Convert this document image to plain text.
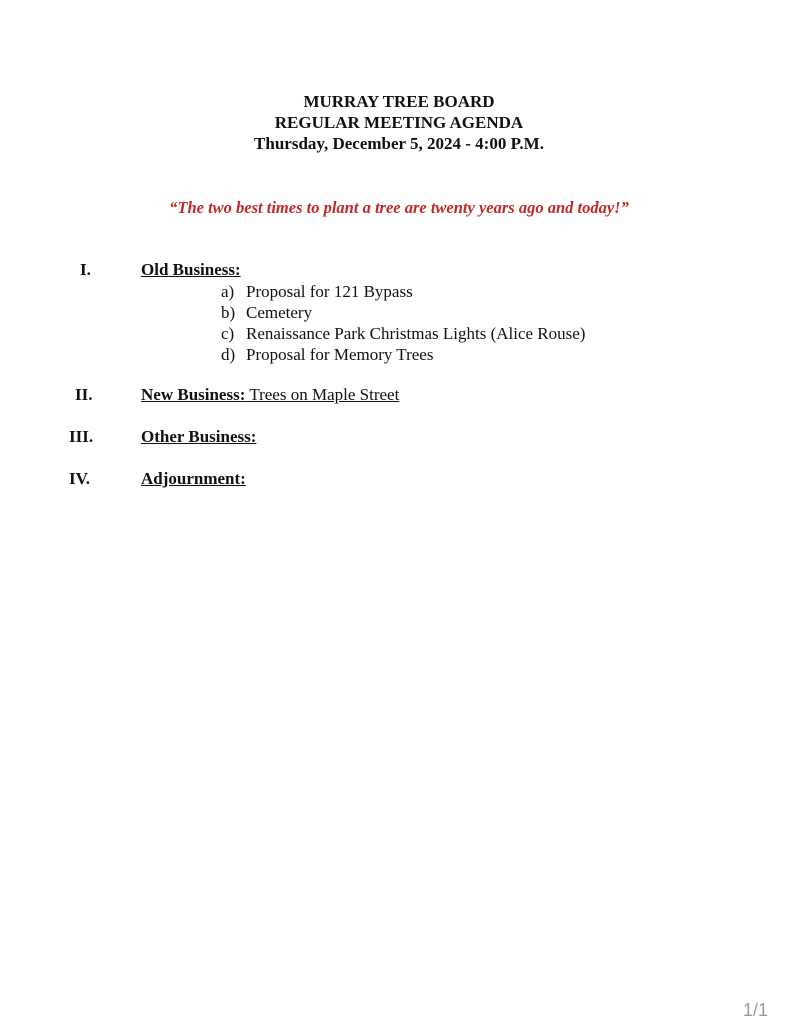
MURRAY TREE BOARD
REGULAR MEETING AGENDA
Thursday, December 5, 2024 - 4:00 P.M.
“The two best times to plant a tree are twenty years ago and today!”
I.	Old Business:
a) Proposal for 121 Bypass
b) Cemetery
c) Renaissance Park Christmas Lights (Alice Rouse)
d) Proposal for Memory Trees
II.	New Business: Trees on Maple Street
III.	Other Business:
IV.	Adjournment:
1/1
